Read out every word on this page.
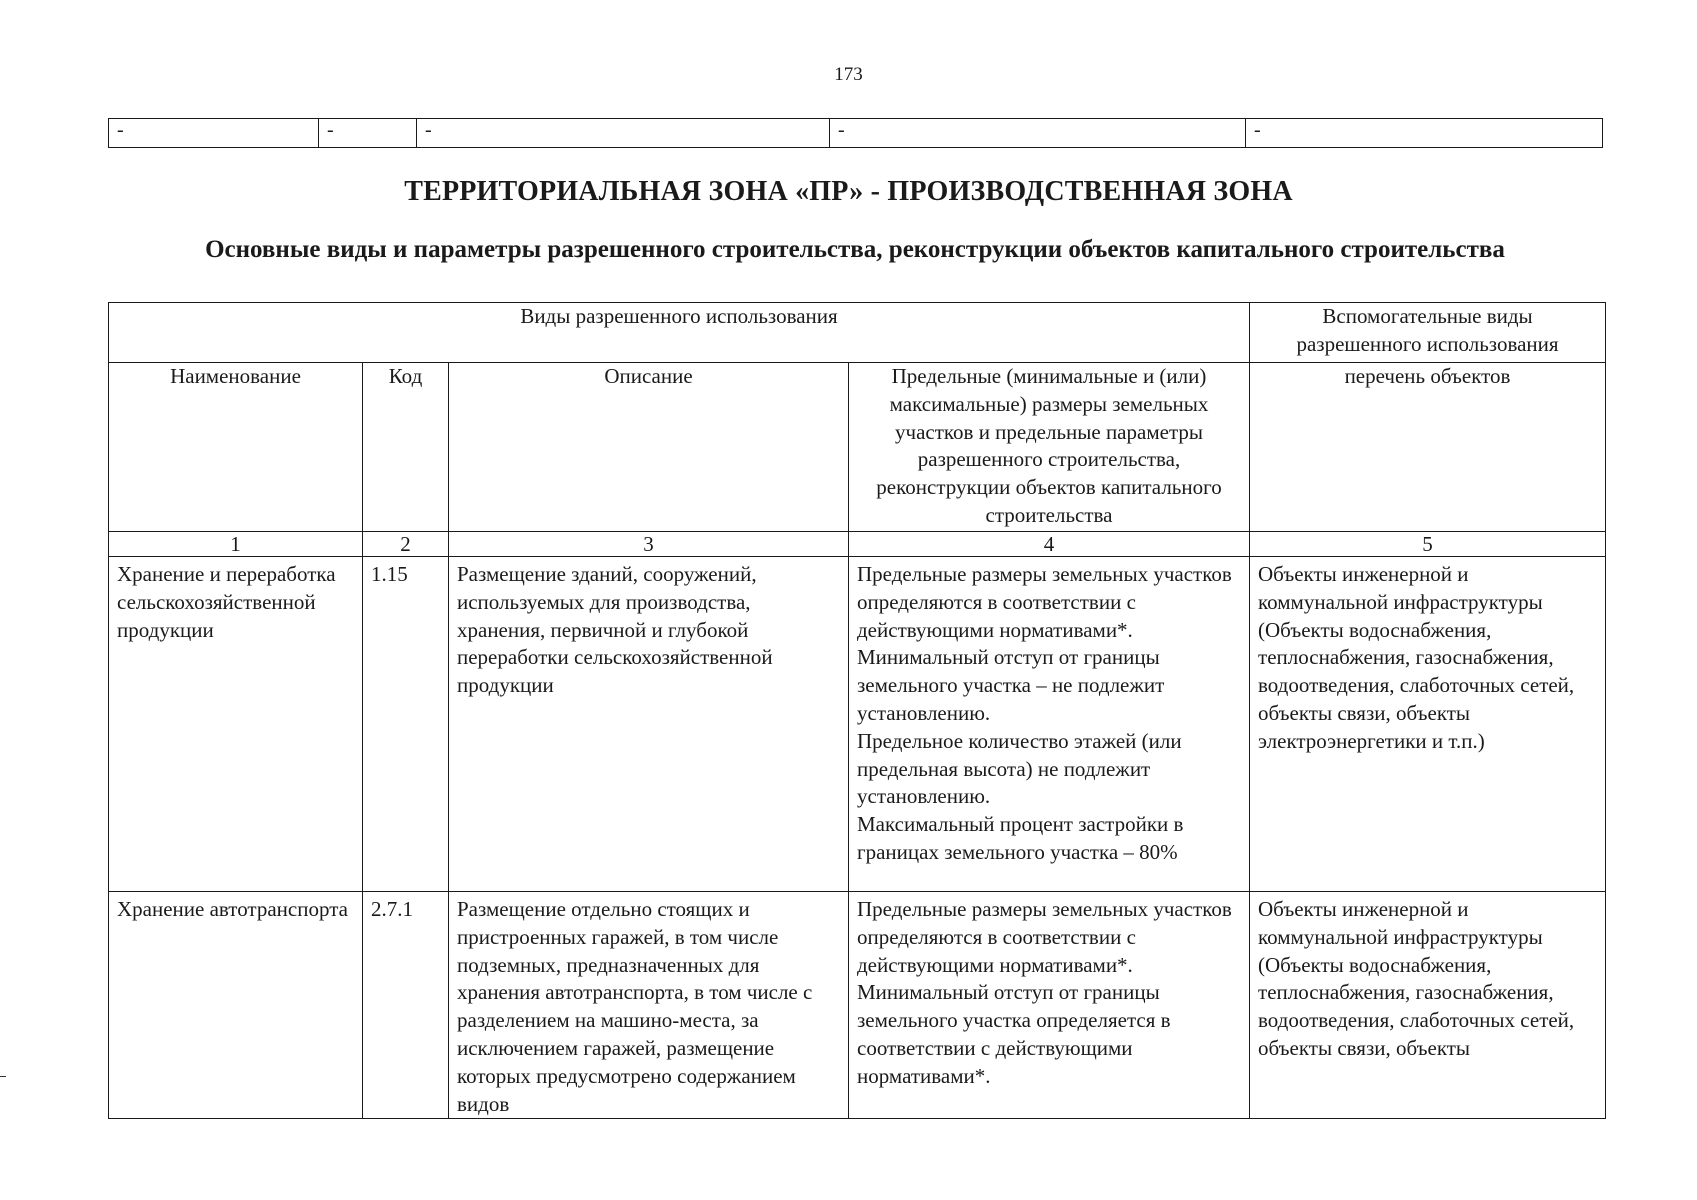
173
-	-	-	-	-
ТЕРРИТОРИАЛЬНАЯ ЗОНА «ПР» - ПРОИЗВОДСТВЕННАЯ ЗОНА
Основные виды и параметры разрешенного строительства, реконструкции объектов капитального строительства
Виды разрешенного использования				Вспомогательные виды разрешенного использования
Наименование	Код	Описание	Предельные (минимальные и (или) максимальные) размеры земельных участков и предельные параметры разрешенного строительства, реконструкции объектов капитального строительства	перечень объектов
1	2	3	4	5
Хранение и переработка сельскохозяйственной продукции	1.15	Размещение зданий, сооружений, используемых для производства, хранения, первичной и глубокой переработки сельскохозяйственной продукции	Предельные размеры земельных участков определяются в соответствии с действующими нормативами*.
Минимальный отступ от границы земельного участка – не подлежит установлению.
Предельное количество этажей (или предельная высота) не подлежит установлению.
Максимальный процент застройки в границах земельного участка – 80%	Объекты инженерной и коммунальной инфраструктуры (Объекты водоснабжения, теплоснабжения, газоснабжения, водоотведения, слаботочных сетей, объекты связи, объекты электроэнергетики и т.п.)
Хранение автотранспорта	2.7.1	Размещение отдельно стоящих и пристроенных гаражей, в том числе подземных, предназначенных для хранения автотранспорта, в том числе с разделением на машино-места, за исключением гаражей, размещение которых предусмотрено содержанием видов	Предельные размеры земельных участков определяются в соответствии с действующими нормативами*.
Минимальный отступ от границы земельного участка определяется в соответствии с действующими нормативами*.	Объекты инженерной и коммунальной инфраструктуры (Объекты водоснабжения, теплоснабжения, газоснабжения, водоотведения, слаботочных сетей, объекты связи, объекты
